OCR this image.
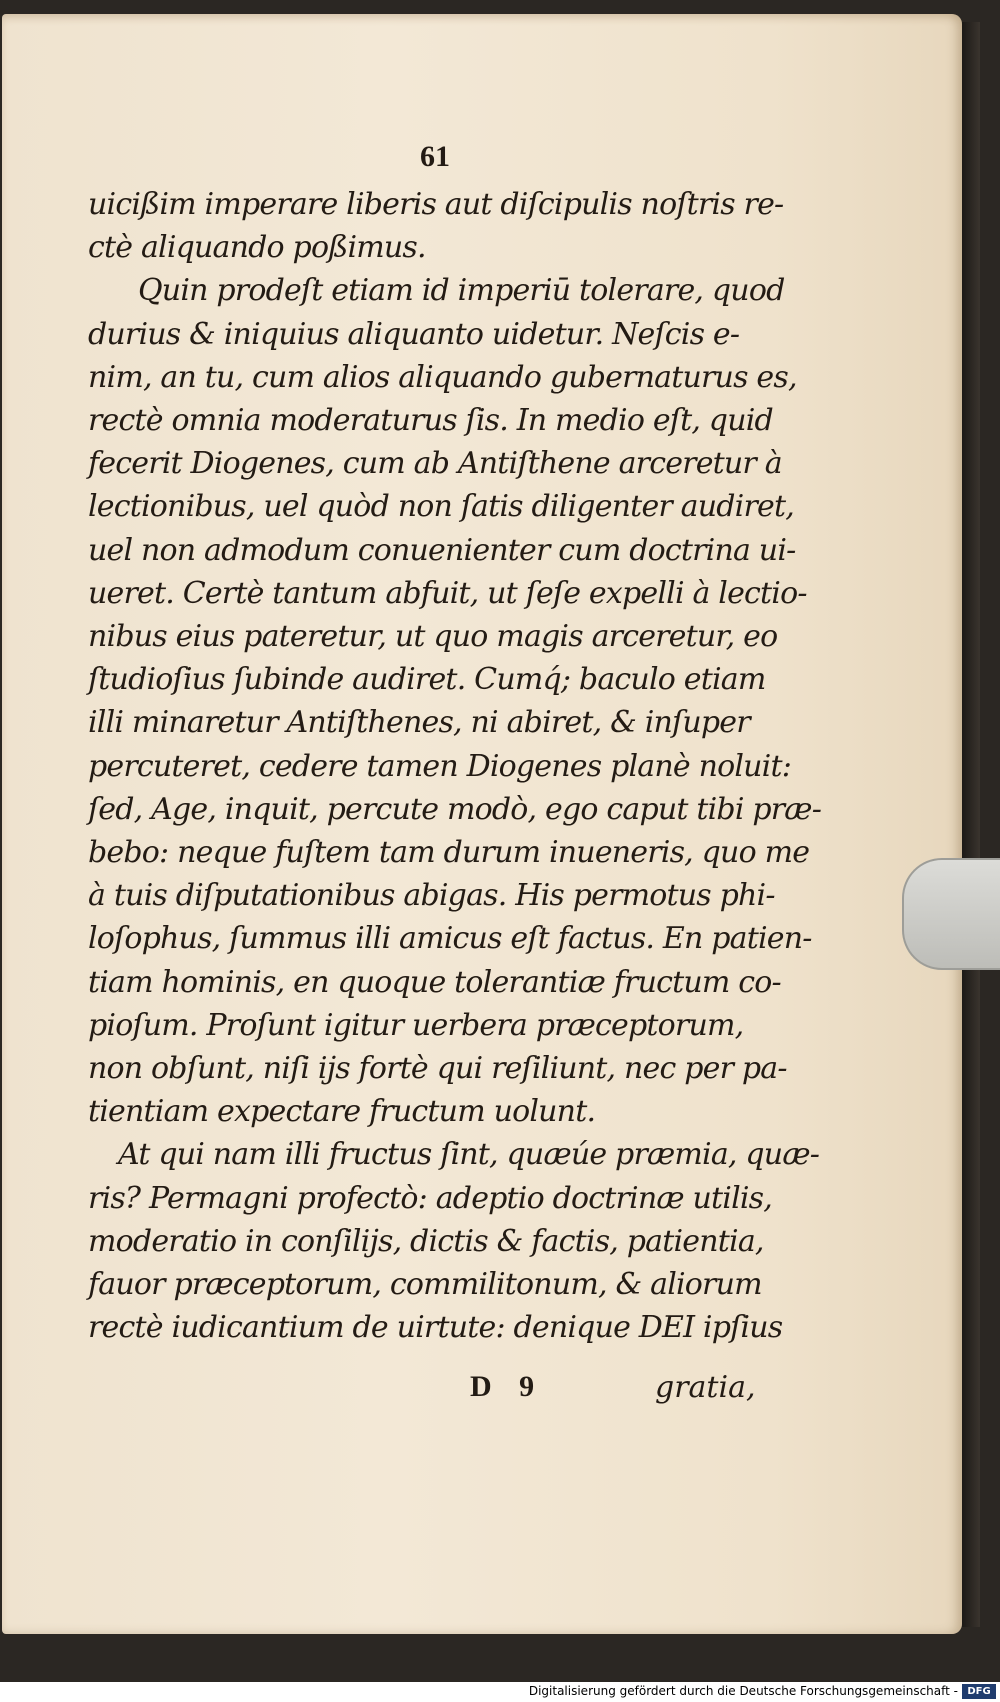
61
uicißim imperare liberis aut diſcipulis noſtris re-
ctè aliquando poßimus.
Quin prodeſt etiam id imperiū tolerare, quod
durius & iniquius aliquanto uidetur. Neſcis e-
nim, an tu, cum alios aliquando gubernaturus es,
rectè omnia moderaturus ſis. In medio eſt, quid
fecerit Diogenes, cum ab Antiſthene arceretur à
lectionibus, uel quòd non ſatis diligenter audiret,
uel non admodum conuenienter cum doctrina ui-
ueret. Certè tantum abfuit, ut ſeſe expelli à lectio-
nibus eius pateretur, ut quo magis arceretur, eo
ſtudioſius ſubinde audiret. Cumq́; baculo etiam
illi minaretur Antiſthenes, ni abiret, & inſuper
percuteret, cedere tamen Diogenes planè noluit:
ſed, Age, inquit, percute modò, ego caput tibi præ-
bebo: neque fuſtem tam durum inueneris, quo me
à tuis diſputationibus abigas. His permotus phi-
loſophus, ſummus illi amicus eſt factus. En patien-
tiam hominis, en quoque tolerantiæ fructum co-
pioſum. Proſunt igitur uerbera præceptorum,
non obſunt, niſi ijs fortè qui reſiliunt, nec per pa-
tientiam expectare fructum uolunt.
At qui nam illi fructus ſint, quæúe præmia, quæ-
ris? Permagni profectò: adeptio doctrinæ utilis,
moderatio in conſilijs, dictis & factis, patientia,
fauor præceptorum, commilitonum, & aliorum
rectè iudicantium de uirtute: denique DEI ipſius
D 9	gratia,
Digitalisierung gefördert durch die Deutsche Forschungsgemeinschaft - DFG
